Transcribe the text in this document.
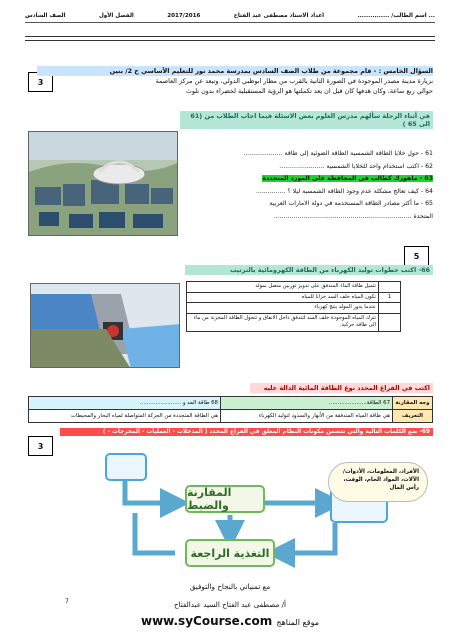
... اسم الطالب/ ...............
اعداد الاستاذ مصطفى عبد الفتاح
2017/2016
الفصل الأول
الصف السادس
3
السؤال الخامس : - قام مجموعة من طلاب الصف السادس بمدرسة محمد نور للتعليم الأساسي ح 2/ بنين
بزيارة مدينة مصدر الموجودة في الصورة الثانية بالقرب من مطار ابوظبي الدولي، وتبعد عن مركز العاصمة
حوالي ربع ساعة، وكان هدفها كان قبل ان يعد تكملتها هو الرؤية المستقبلية لخضراء بدون تلوث
في أثناء الرحلة سألهم مدرس العلوم بعض الاسئلة فيما اجاب الطلاب من (61 الى 65 )
61 - حول خلايا الطاقة الشمسية الطاقة الضوئية إلى طاقة ....................
62 - اكتب استخدام واحد للخلايا الشمسية .......................
63 - ماهورك كطالب في المحافظة على المورد المتجددة
64 - كيف تعالج مشكلة عدم وجود الطاقة الشمسية ليلا ؟ ...............
65 - ما أكثر مصادر الطاقة المستخدمة في دولة الامارات العربية
المتحدة ......................................................................
5
66- اكتب خطوات توليد الكهرباء من الطاقة الكهرومائية بالترتيب
	تتميل طاقة الماء المتدفق على تدوير توربين متصل بمولد
1	تكون المياه خلف السد خزانا للمياه
	عندما يدور المولد ينتج كهرباء
	تترك المياه الموجودة خلف السد لتتدفق داخل الانفاق و تتحول الطاقة المخزنة من ماء الى طاقة حركية.
اكتب في الفراغ المحدد نوع الطاقة المائية الدالة عليه
وجه المقارنة	67 الطاقة......................	68 طاقة المد و ........................
التعريف	هي طاقة المياه المتدفقة من الأنهار والسدود لتوليد الكهرباء	هي الطاقة المتجددة من الحركة المتواصلة لمياه البحار والمحيطات
69- ضع الكلمات التالية والتي تتضمن مكونات النظام المغلق في الفراغ المحدد ( المدخلات - العمليات - المخرجات - )
3
المقارنة والضبط
التغذية الراجعة
الأفراد، المعلومات، الأدوات/ الآلات، المواد الخام، الوقت، رأس المال
مع تمنياتي بالنجاح والتوفيق
أ/ مصطفى عبد الفتاح السيد عبدالفتاح
7
www.syCourse.com موقع المناهج
